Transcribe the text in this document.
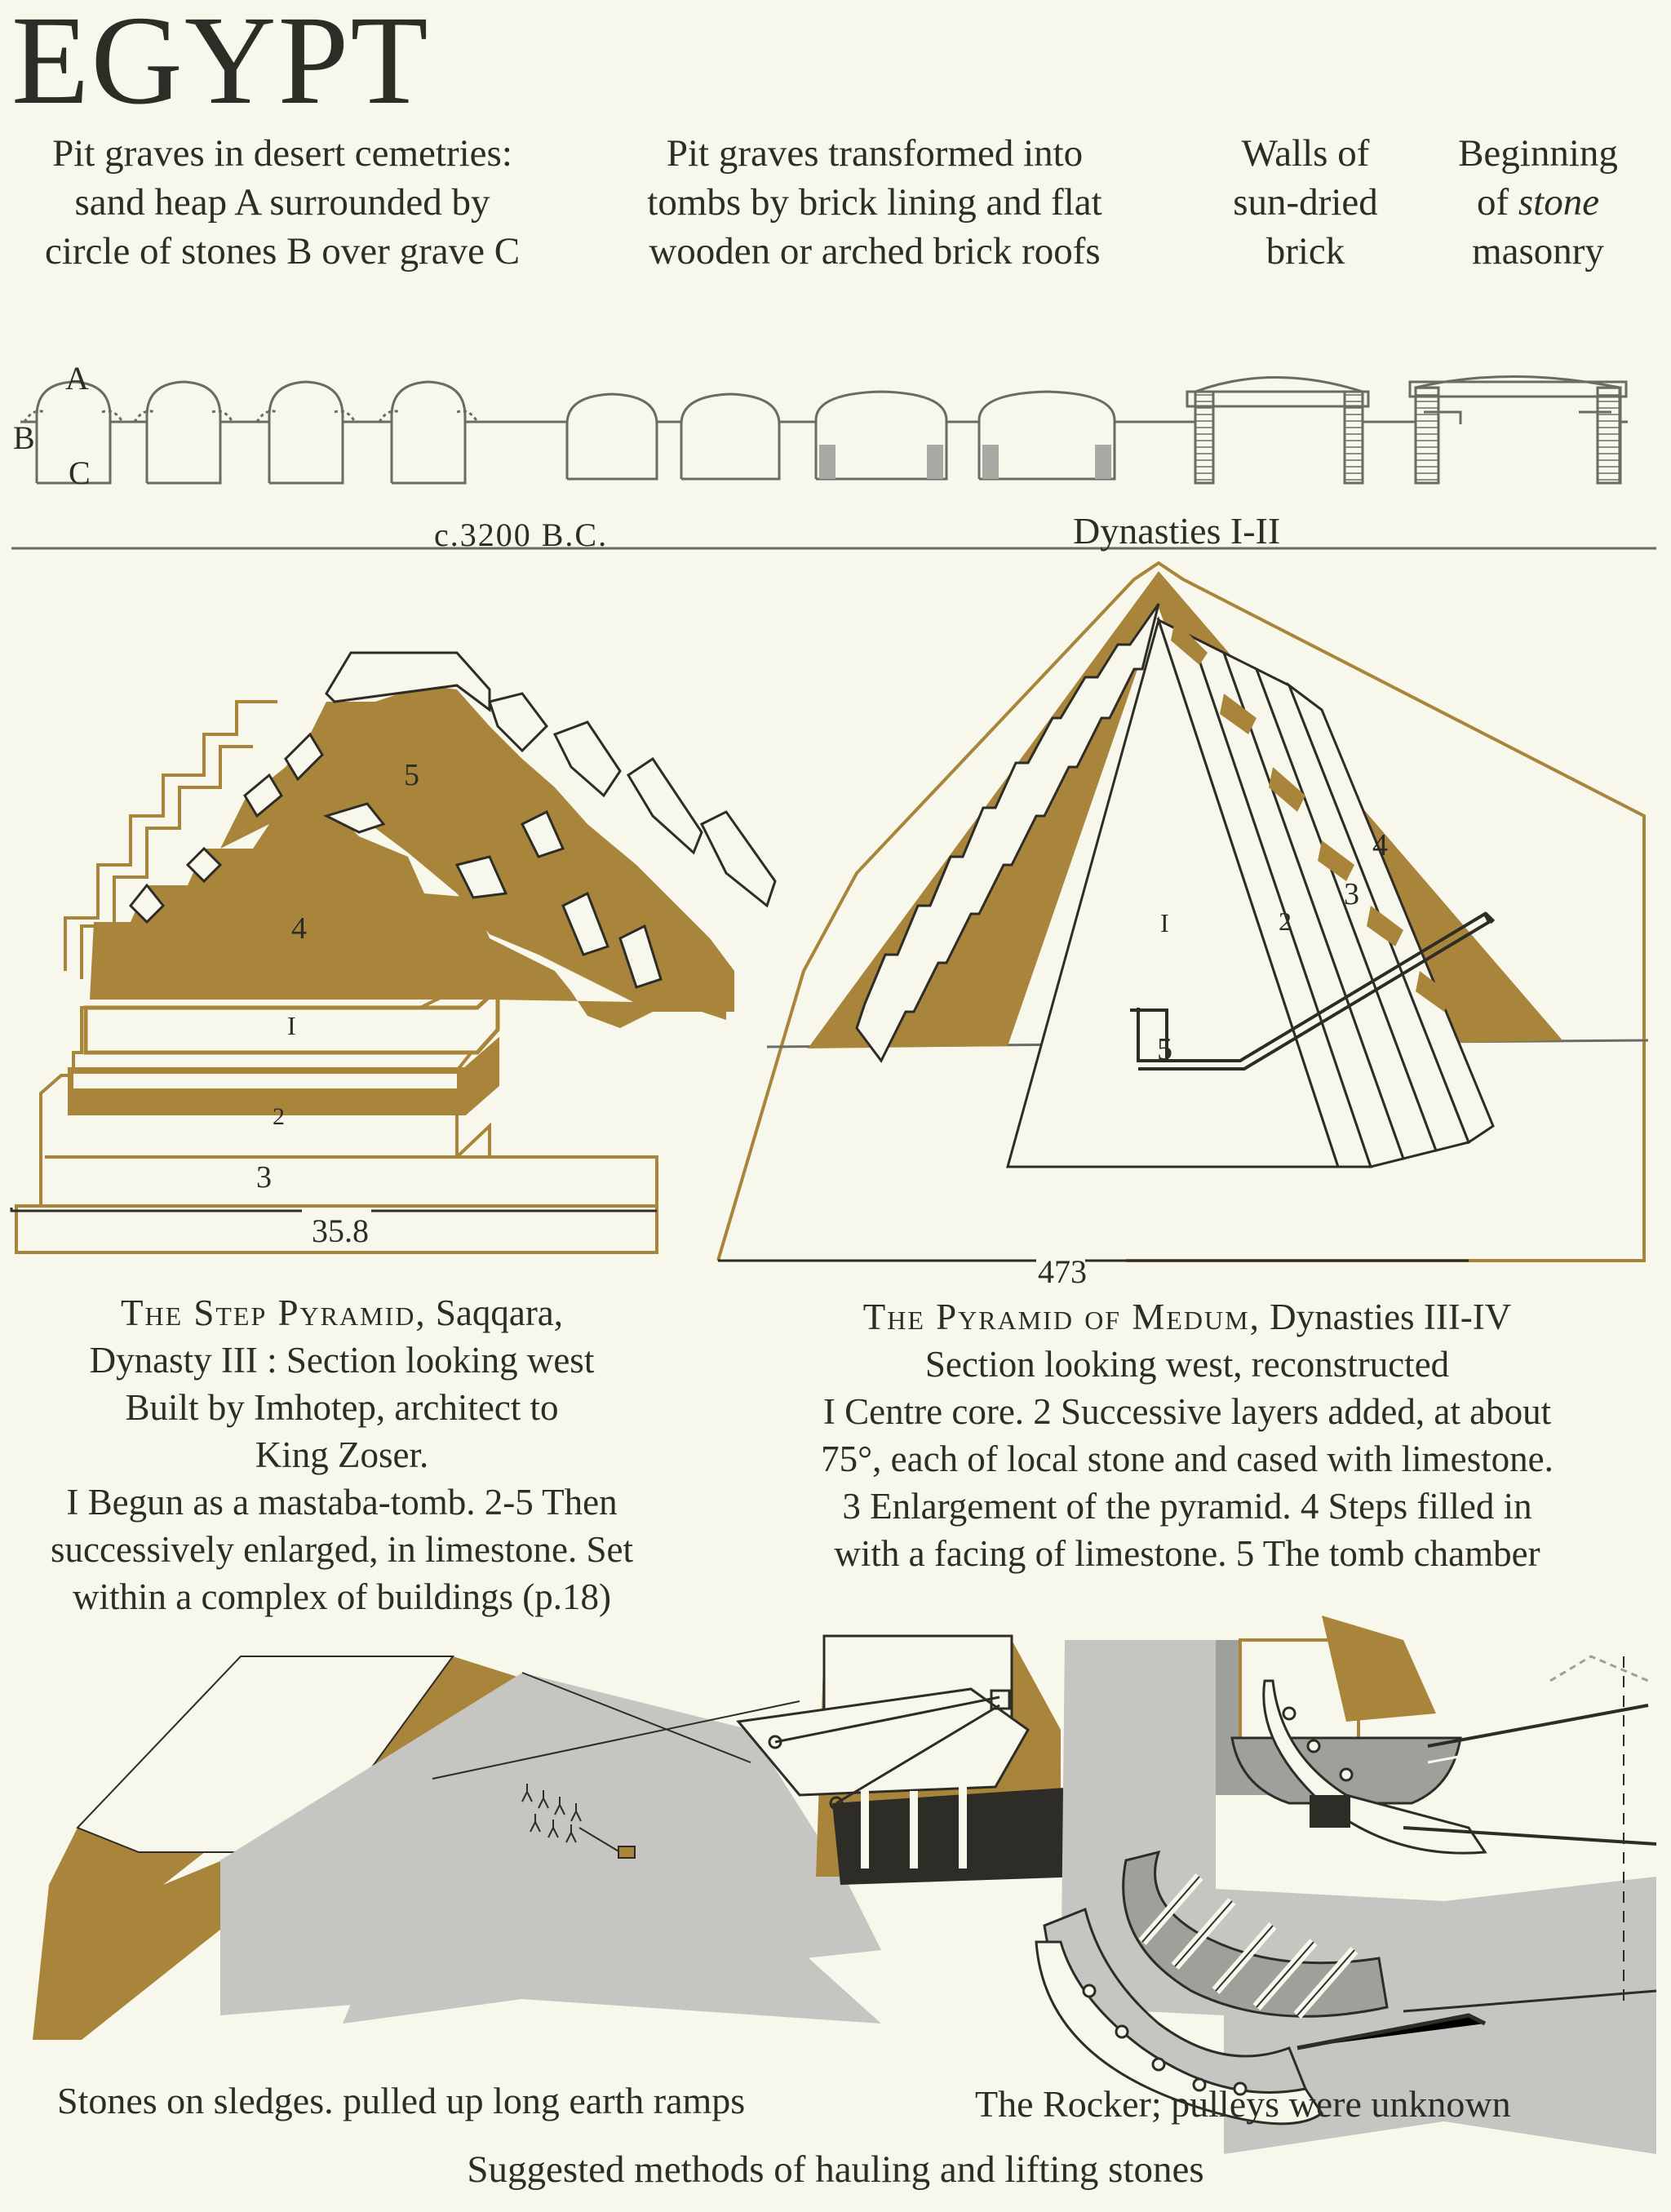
EGYPT
Pit graves in desert cemetries:
sand heap A surrounded by
circle of stones B over grave C
Pit graves transformed into
tombs by brick lining and flat
wooden or arched brick roofs
Walls of
sun-dried
brick
Beginning
of stone
masonry
I
2
3
4
5
35.8
I	2
3
4
5
473
c.3200 B.C.	Dynasties I-II
A
B
C
The Step Pyramid, Saqqara,
Dynasty III : Section looking west
Built by Imhotep, architect to
King Zoser.
I Begun as a mastaba-tomb. 2-5 Then
successively enlarged, in limestone. Set
within a complex of buildings (p.18)
The Pyramid of Medum, Dynasties III-IV
Section looking west, reconstructed
I Centre core. 2 Successive layers added, at about
75°, each of local stone and cased with limestone.
3 Enlargement of the pyramid. 4 Steps filled in
with a facing of limestone. 5 The tomb chamber
Stones on sledges. pulled up long earth ramps	The Rocker; pulleys were unknown
Suggested methods of hauling and lifting stones
